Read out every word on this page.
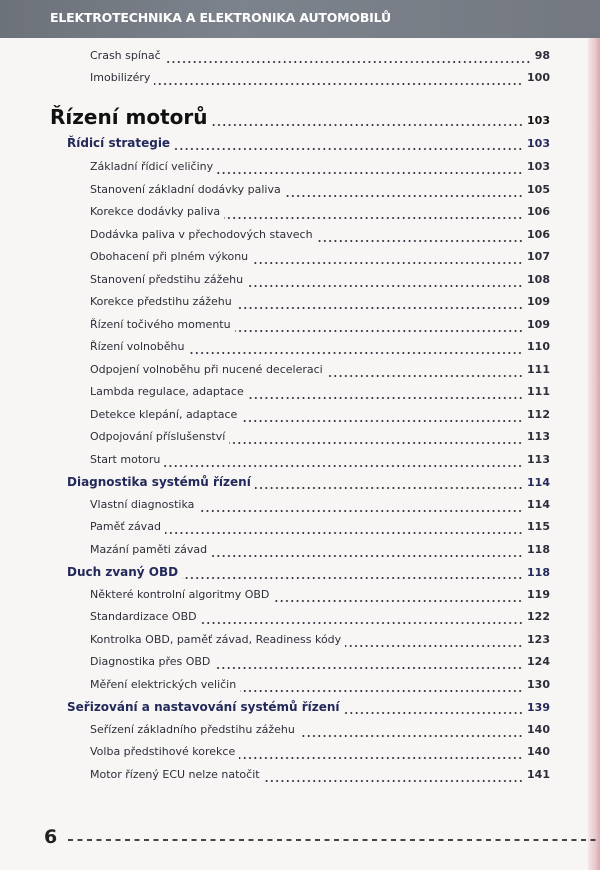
ELEKTROTECHNIKA A ELEKTRONIKA AUTOMOBILŮ
Crash spínač	98
Imobilizéry	100
Řízení motorů	103
Řídicí strategie	103
Základní řídicí veličiny	103
Stanovení základní dodávky paliva	105
Korekce dodávky paliva	106
Dodávka paliva v přechodových stavech	106
Obohacení při plném výkonu	107
Stanovení předstihu zážehu	108
Korekce předstihu zážehu	109
Řízení točivého momentu	109
Řízení volnoběhu	110
Odpojení volnoběhu při nucené deceleraci	111
Lambda regulace, adaptace	111
Detekce klepání, adaptace	112
Odpojování příslušenství	113
Start motoru	113
Diagnostika systémů řízení	114
Vlastní diagnostika	114
Paměť závad	115
Mazání paměti závad	118
Duch zvaný OBD	118
Některé kontrolní algoritmy OBD	119
Standardizace OBD	122
Kontrolka OBD, paměť závad, Readiness kódy	123
Diagnostika přes OBD	124
Měření elektrických veličin	130
Seřizování a nastavování systémů řízení	139
Seřízení základního předstihu zážehu	140
Volba předstihové korekce	140
Motor řízený ECU nelze natočit	141
6
